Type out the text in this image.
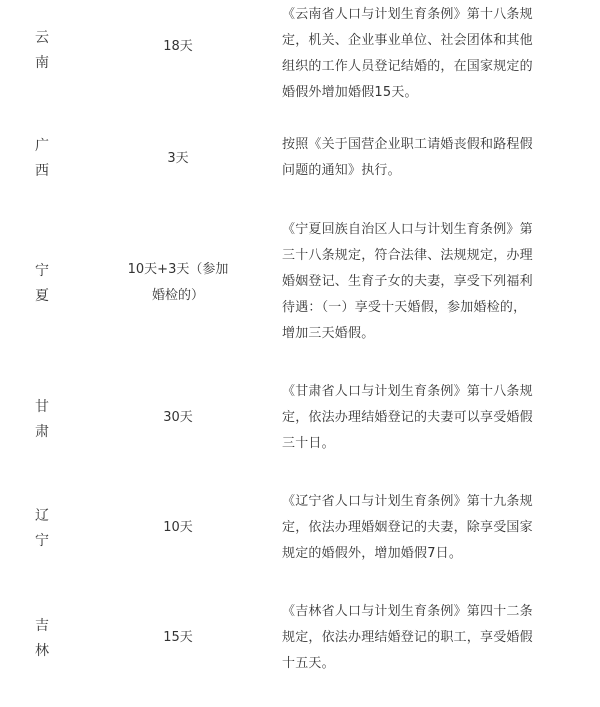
云
南
18天
《云南省人口与计划生育条例》第十八条规
定，机关、企业事业单位、社会团体和其他
组织的工作人员登记结婚的，在国家规定的
婚假外增加婚假15天。
广
西
3天
按照《关于国营企业职工请婚丧假和路程假
问题的通知》执行。
宁
夏
10天+3天（参加
婚检的）
《宁夏回族自治区人口与计划生育条例》第
三十八条规定，符合法律、法规规定，办理
婚姻登记、生育子女的夫妻，享受下列福利
待遇：（一）享受十天婚假，参加婚检的，
增加三天婚假。
甘
肃
30天
《甘肃省人口与计划生育条例》第十八条规
定，依法办理结婚登记的夫妻可以享受婚假
三十日。
辽
宁
10天
《辽宁省人口与计划生育条例》第十九条规
定，依法办理婚姻登记的夫妻，除享受国家
规定的婚假外，增加婚假7日。
吉
林
15天
《吉林省人口与计划生育条例》第四十二条
规定，依法办理结婚登记的职工，享受婚假
十五天。
